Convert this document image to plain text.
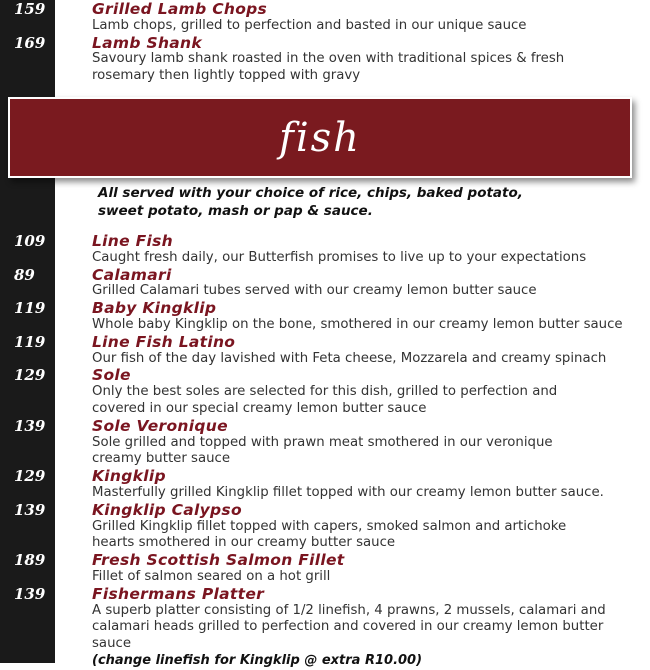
159	Grilled Lamb Chops
Lamb chops, grilled to perfection and basted in our unique sauce
169	Lamb Shank
Savoury lamb shank roasted in the oven with traditional spices & fresh rosemary then lightly topped with gravy
fish
All served with your choice of rice, chips, baked potato,
sweet potato, mash or pap & sauce.
109	Line Fish
Caught fresh daily, our Butterfish promises to live up to your expectations
89	Calamari
Grilled Calamari tubes served with our creamy lemon butter sauce
119	Baby Kingklip
Whole baby Kingklip on the bone, smothered in our creamy lemon butter sauce
119	Line Fish Latino
Our fish of the day lavished with Feta cheese, Mozzarela and creamy spinach
129	Sole
Only the best soles are selected for this dish, grilled to perfection and covered in our special creamy lemon butter sauce
139	Sole Veronique
Sole grilled and topped with prawn meat smothered in our veronique creamy butter sauce
129	Kingklip
Masterfully grilled Kingklip fillet topped with our creamy lemon butter sauce.
139	Kingklip Calypso
Grilled Kingklip fillet topped with capers, smoked salmon and artichoke hearts smothered in our creamy butter sauce
189	Fresh Scottish Salmon Fillet
Fillet of salmon seared on a hot grill
139	Fishermans Platter
A superb platter consisting of 1/2 linefish, 4 prawns, 2 mussels, calamari and calamari heads grilled to perfection and covered in our creamy lemon butter sauce
(change linefish for Kingklip @ extra R10.00)
